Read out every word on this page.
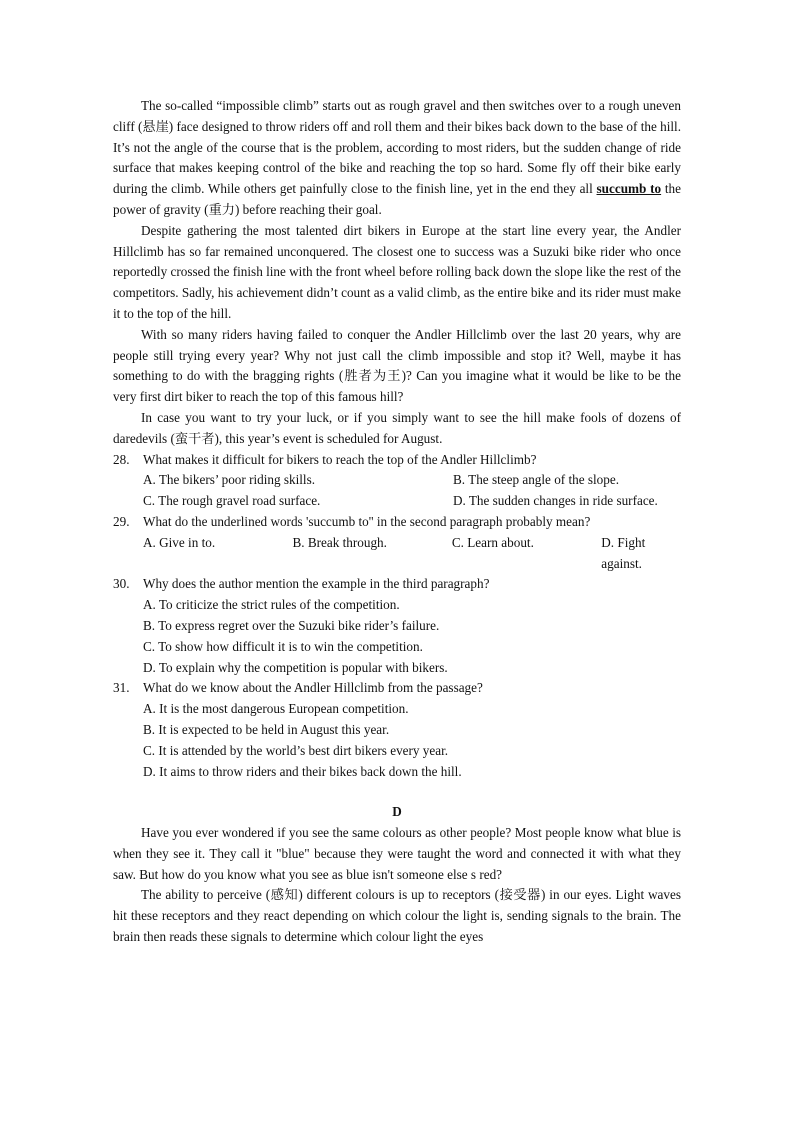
The so-called “impossible climb” starts out as rough gravel and then switches over to a rough uneven cliff (悬崖) face designed to throw riders off and roll them and their bikes back down to the base of the hill. It’s not the angle of the course that is the problem, according to most riders, but the sudden change of ride surface that makes keeping control of the bike and reaching the top so hard. Some fly off their bike early during the climb. While others get painfully close to the finish line, yet in the end they all succumb to the power of gravity (重力) before reaching their goal.

Despite gathering the most talented dirt bikers in Europe at the start line every year, the Andler Hillclimb has so far remained unconquered. The closest one to success was a Suzuki bike rider who once reportedly crossed the finish line with the front wheel before rolling back down the slope like the rest of the competitors. Sadly, his achievement didn’t count as a valid climb, as the entire bike and its rider must make it to the top of the hill.

With so many riders having failed to conquer the Andler Hillclimb over the last 20 years, why are people still trying every year? Why not just call the climb impossible and stop it? Well, maybe it has something to do with the bragging rights (胜者为王)? Can you imagine what it would be like to be the very first dirt biker to reach the top of this famous hill?

In case you want to try your luck, or if you simply want to see the hill make fools of dozens of daredevils (蛮干者), this year’s event is scheduled for August.

28. What makes it difficult for bikers to reach the top of the Andler Hillclimb?
A. The bikers’ poor riding skills.	B. The steep angle of the slope.
C. The rough gravel road surface.	D. The sudden changes in ride surface.
29. What do the underlined words 'succumb to'' in the second paragraph probably mean?
A. Give in to.	B. Break through.	C. Learn about.	D. Fight against.
30. Why does the author mention the example in the third paragraph?
A. To criticize the strict rules of the competition.
B. To express regret over the Suzuki bike rider’s failure.
C. To show how difficult it is to win the competition.
D. To explain why the competition is popular with bikers.
31. What do we know about the Andler Hillclimb from the passage?
A. It is the most dangerous European competition.
B. It is expected to be held in August this year.
C. It is attended by the world’s best dirt bikers every year.
D. It aims to throw riders and their bikes back down the hill.
D

Have you ever wondered if you see the same colours as other people? Most people know what blue is when they see it. They call it "blue" because they were taught the word and connected it with what they saw. But how do you know what you see as blue isn't someone else s red?

The ability to perceive (感知) different colours is up to receptors (接受器) in our eyes. Light waves hit these receptors and they react depending on which colour the light is, sending signals to the brain. The brain then reads these signals to determine which colour light the eyes
